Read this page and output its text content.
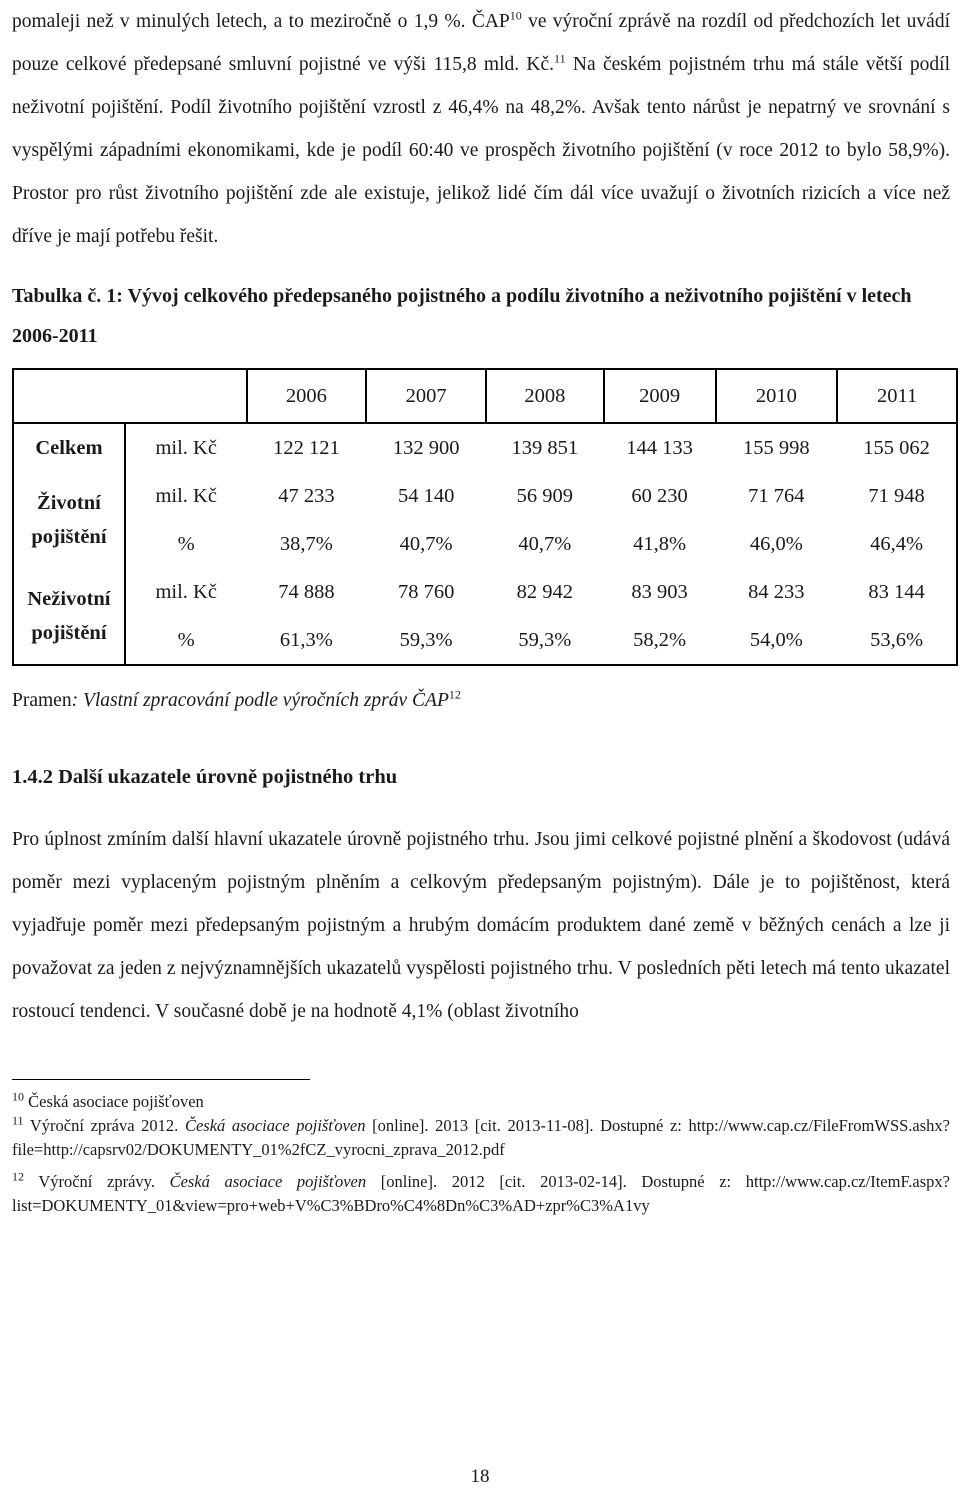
pomaleji než v minulých letech, a to meziročně o 1,9 %. ČAP$^{10}$ ve výroční zprávě na rozdíl od předchozích let uvádí pouze celkové předepsané smluvní pojistné ve výši 115,8 mld. Kč.$^{11}$ Na českém pojistném trhu má stále větší podíl neživotní pojištění. Podíl životního pojištění vzrostl z 46,4% na 48,2%. Avšak tento nárůst je nepatrný ve srovnání s vyspělými západními ekonomikami, kde je podíl 60:40 ve prospěch životního pojištění (v roce 2012 to bylo 58,9%). Prostor pro růst životního pojištění zde ale existuje, jelikož lidé čím dál více uvažují o životních rizicích a více než dříve je mají potřebu řešit.

Tabulka č. 1: Vývoj celkového předepsaného pojistného a podílu životního a neživotního pojištění v letech 2006-2011

		2006	2007	2008	2009	2010	2011
Celkem	mil. Kč	122 121	132 900	139 851	144 133	155 998	155 062
Životní pojištění	mil. Kč	47 233	54 140	56 909	60 230	71 764	71 948
	%	38,7%	40,7%	40,7%	41,8%	46,0%	46,4%
Neživotní pojištění	mil. Kč	74 888	78 760	82 942	83 903	84 233	83 144
	%	61,3%	59,3%	59,3%	58,2%	54,0%	53,6%

Pramen: Vlastní zpracování podle výročních zpráv ČAP$^{12}$

1.4.2 Další ukazatele úrovně pojistného trhu

Pro úplnost zmíním další hlavní ukazatele úrovně pojistného trhu. Jsou jimi celkové pojistné plnění a škodovost (udává poměr mezi vyplaceným pojistným plněním a celkovým předepsaným pojistným). Dále je to pojištěnost, která vyjadřuje poměr mezi předepsaným pojistným a hrubým domácím produktem dané země v běžných cenách a lze ji považovat za jeden z nejvýznamnějších ukazatelů vyspělosti pojistného trhu. V posledních pěti letech má tento ukazatel rostoucí tendenci. V současné době je na hodnotě 4,1% (oblast životního

$^{10}$ Česká asociace pojišťoven

$^{11}$ Výroční zpráva 2012. Česká asociace pojišťoven [online]. 2013 [cit. 2013-11-08]. Dostupné z: http://www.cap.cz/FileFromWSS.ashx?file=http://capsrv02/DOKUMENTY_01%2fCZ_vyrocni_zprava_2012.pdf

$^{12}$ Výroční zprávy. Česká asociace pojišťoven [online]. 2012 [cit. 2013-02-14]. Dostupné z: http://www.cap.cz/ItemF.aspx?list=DOKUMENTY_01&view=pro+web+V%C3%BDro%C4%8Dn%C3%AD+zpr%C3%A1vy

18
